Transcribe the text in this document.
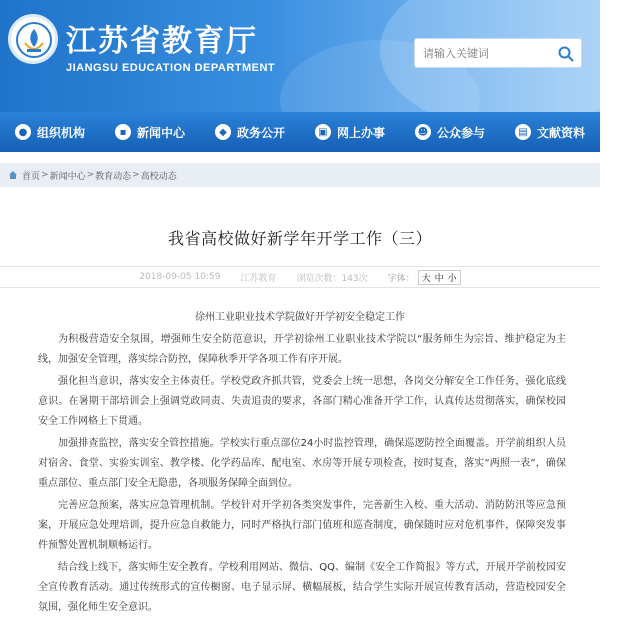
江苏省教育厅
JIANGSU EDUCATION DEPARTMENT
请输入关键词
● 组织机构	▪ 新闻中心	◆ 政务公开	▣ 网上办事	☻ 公众参与	▤ 文献资料
首页 > 新闻中心 > 教育动态 > 高校动态
我省高校做好新学年开学工作（三）
2018-09-05 10:59 江苏教育 浏览次数：143次 字体： 大 中 小
徐州工业职业技术学院做好开学初安全稳定工作

为积极营造安全氛围，增强师生安全防范意识，开学初徐州工业职业技术学院以“服务师生为宗旨、维护稳定为主线，加强安全管理，落实综合防控，保障秋季开学各项工作有序开展。

强化担当意识，落实安全主体责任。学校党政齐抓共管，党委会上统一思想，各岗交分解安全工作任务，强化底线意识。在暑期干部培训会上强调党政同责、失责追责的要求，各部门精心准备开学工作，认真传达贯彻落实，确保校园安全工作网格上下贯通。

加强排查监控，落实安全管控措施。学校实行重点部位24小时监控管理，确保巡逻防控全面覆盖。开学前组织人员对宿舍、食堂、实验实训室、教学楼、化学药品库、配电室、水房等开展专项检查，按时复查，落实“两照一表”，确保重点部位、重点部门安全无隐患，各项服务保障全面到位。

完善应急预案，落实应急管理机制。学校针对开学初各类突发事件，完善新生入校、重大活动、消防防汛等应急预案，开展应急处理培训，提升应急自救能力，同时严格执行部门值班和巡查制度，确保随时应对危机事件，保障突发事件预警处置机制顺畅运行。

结合线上线下，落实师生安全教育。学校利用网站、微信、QQ、编制《安全工作简报》等方式，开展开学前校园安全宣传教育活动。通过传统形式的宣传橱窗、电子显示屏、横幅展板，结合学生实际开展宣传教育活动，营造校园安全氛围，强化师生安全意识。
